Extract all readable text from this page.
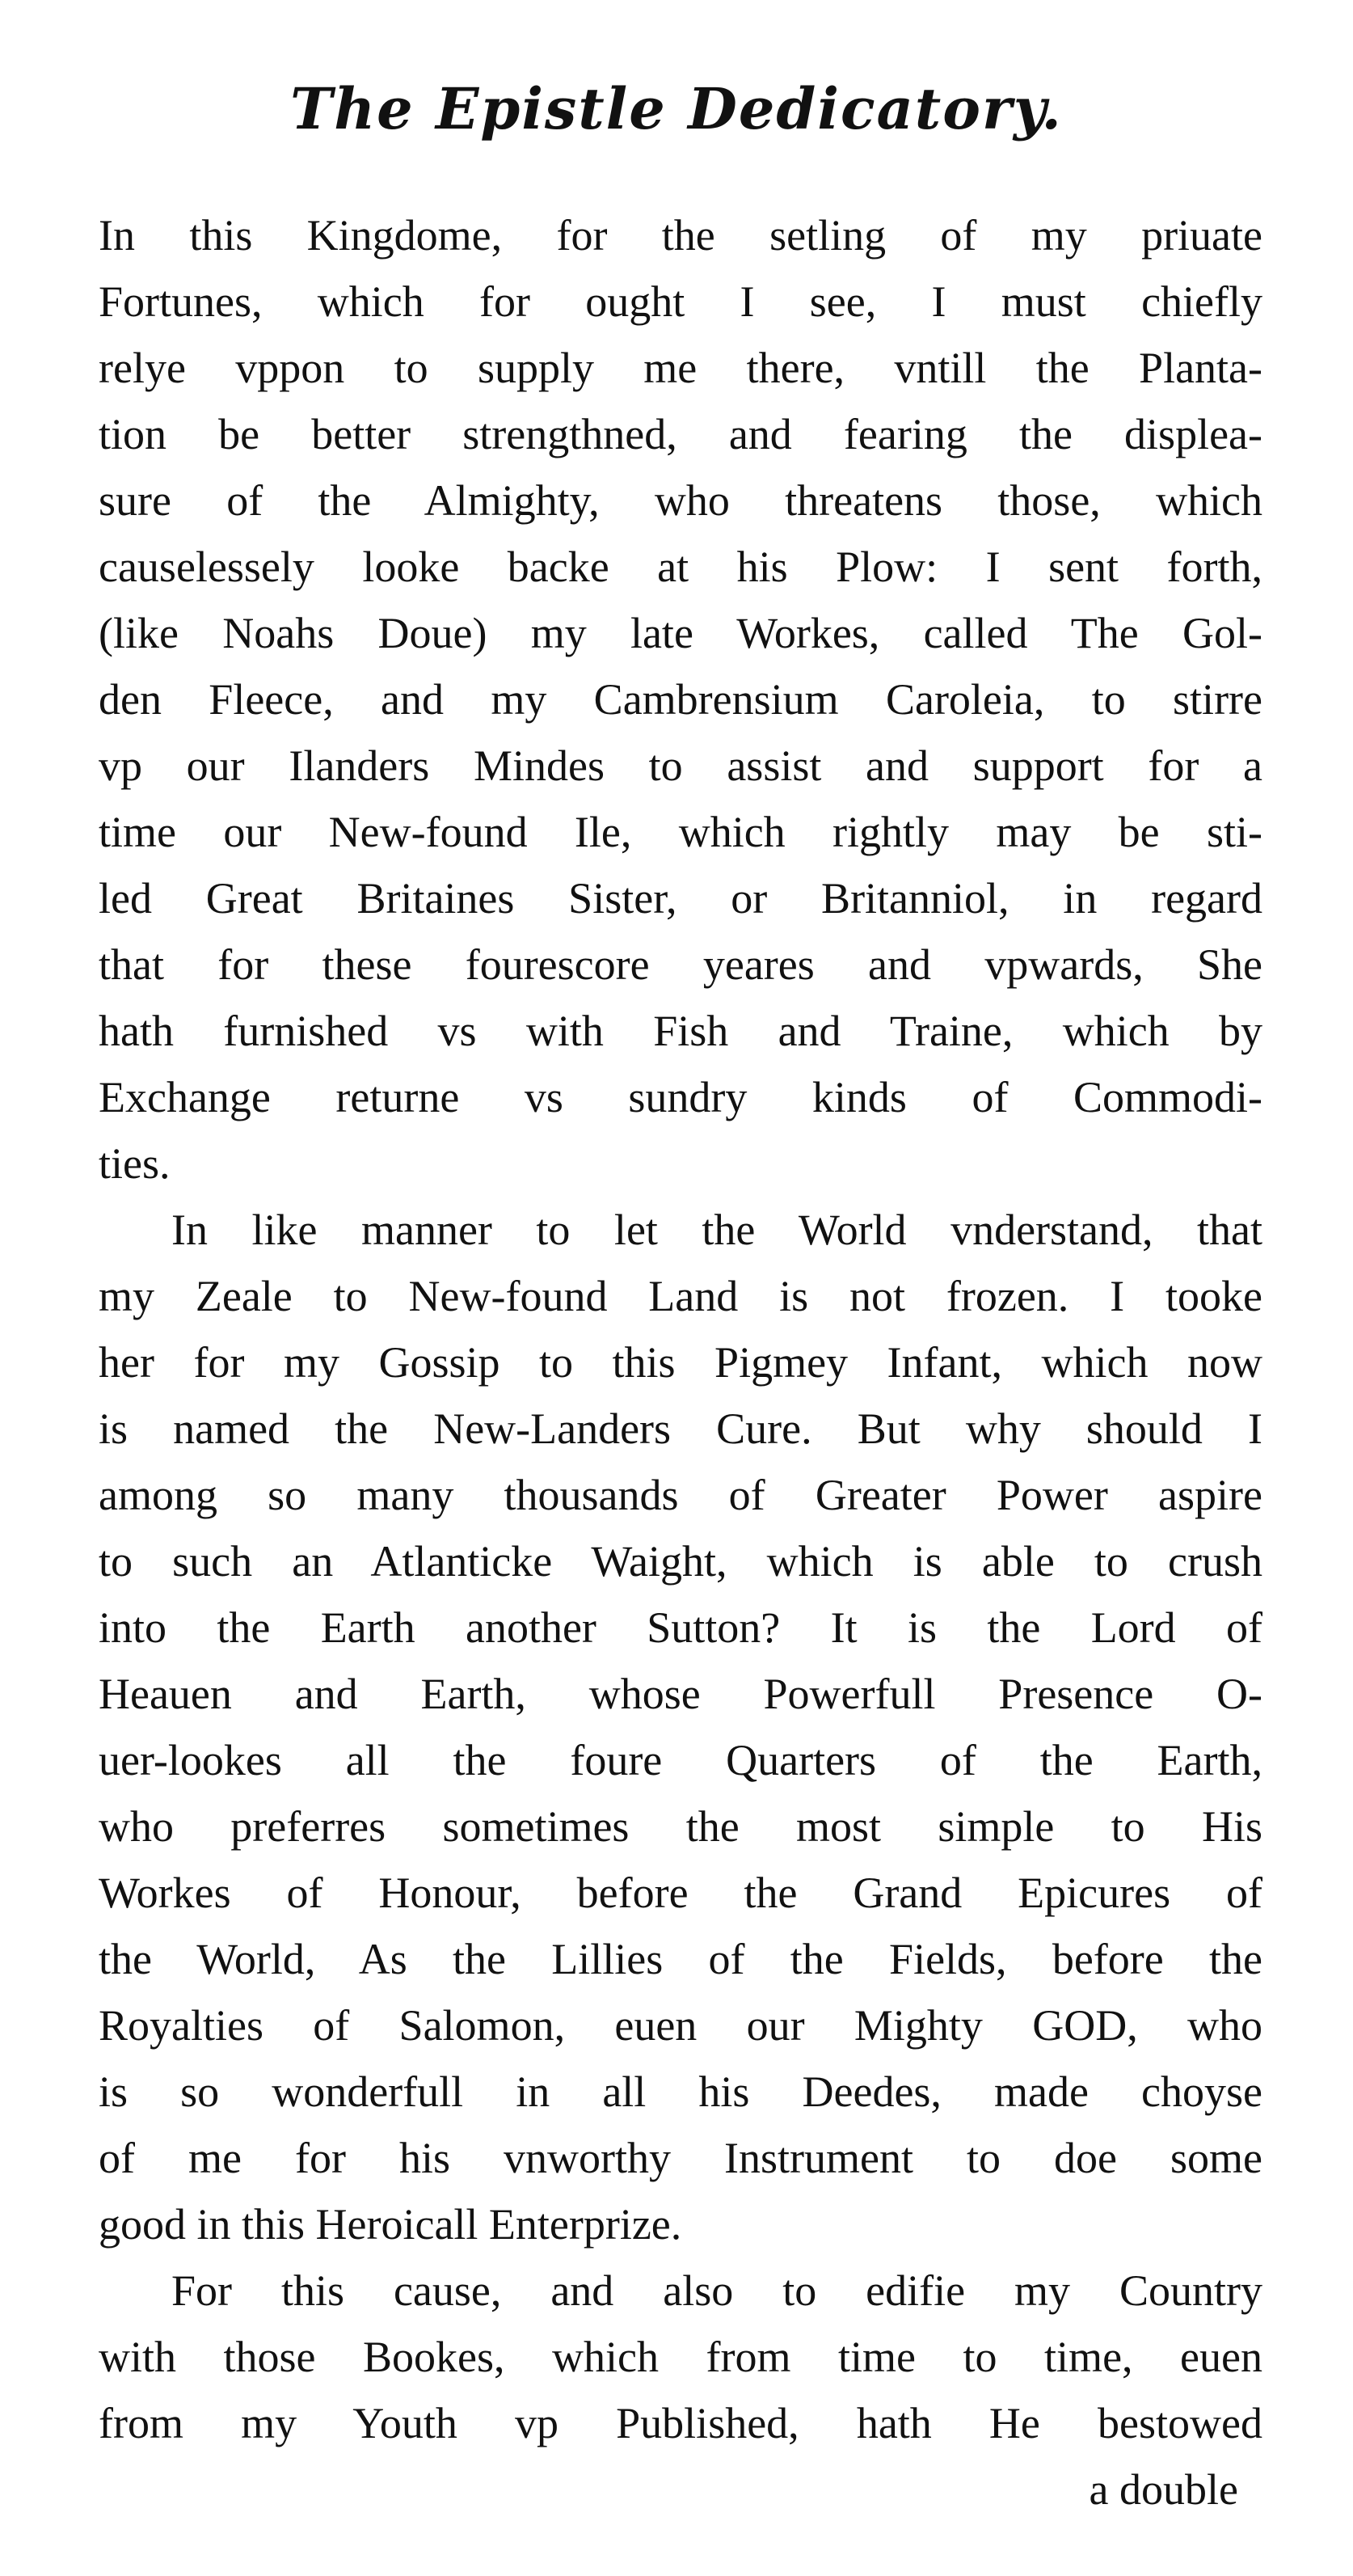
The Epistle Dedicatory.
In this Kingdome, for the setling of my priuate
Fortunes, which for ought I see, I must chiefly
relye vppon to supply me there, vntill the Planta-
tion be better strengthned, and fearing the displea-
sure of the Almighty, who threatens those, which
causelessely looke backe at his Plow: I sent forth,
(like Noahs Doue) my late Workes, called The Gol-
den Fleece, and my Cambrensium Caroleia, to stirre
vp our Ilanders Mindes to assist and support for a
time our New-found Ile, which rightly may be sti-
led Great Britaines Sister, or Britanniol, in regard
that for these fourescore yeares and vpwards, She
hath furnished vs with Fish and Traine, which by
Exchange returne vs sundry kinds of Commodi-
ties.
In like manner to let the World vnderstand, that
my Zeale to New-found Land is not frozen. I tooke
her for my Gossip to this Pigmey Infant, which now
is named the New-Landers Cure. But why should I
among so many thousands of Greater Power aspire
to such an Atlanticke Waight, which is able to crush
into the Earth another Sutton? It is the Lord of
Heauen and Earth, whose Powerfull Presence O-
uer-lookes all the foure Quarters of the Earth,
who preferres sometimes the most simple to His
Workes of Honour, before the Grand Epicures of
the World, As the Lillies of the Fields, before the
Royalties of Salomon, euen our Mighty GOD, who
is so wonderfull in all his Deedes, made choyse
of me for his vnworthy Instrument to doe some
good in this Heroicall Enterprize.
For this cause, and also to edifie my Country
with those Bookes, which from time to time, euen
from my Youth vp Published, hath He bestowed
a double
